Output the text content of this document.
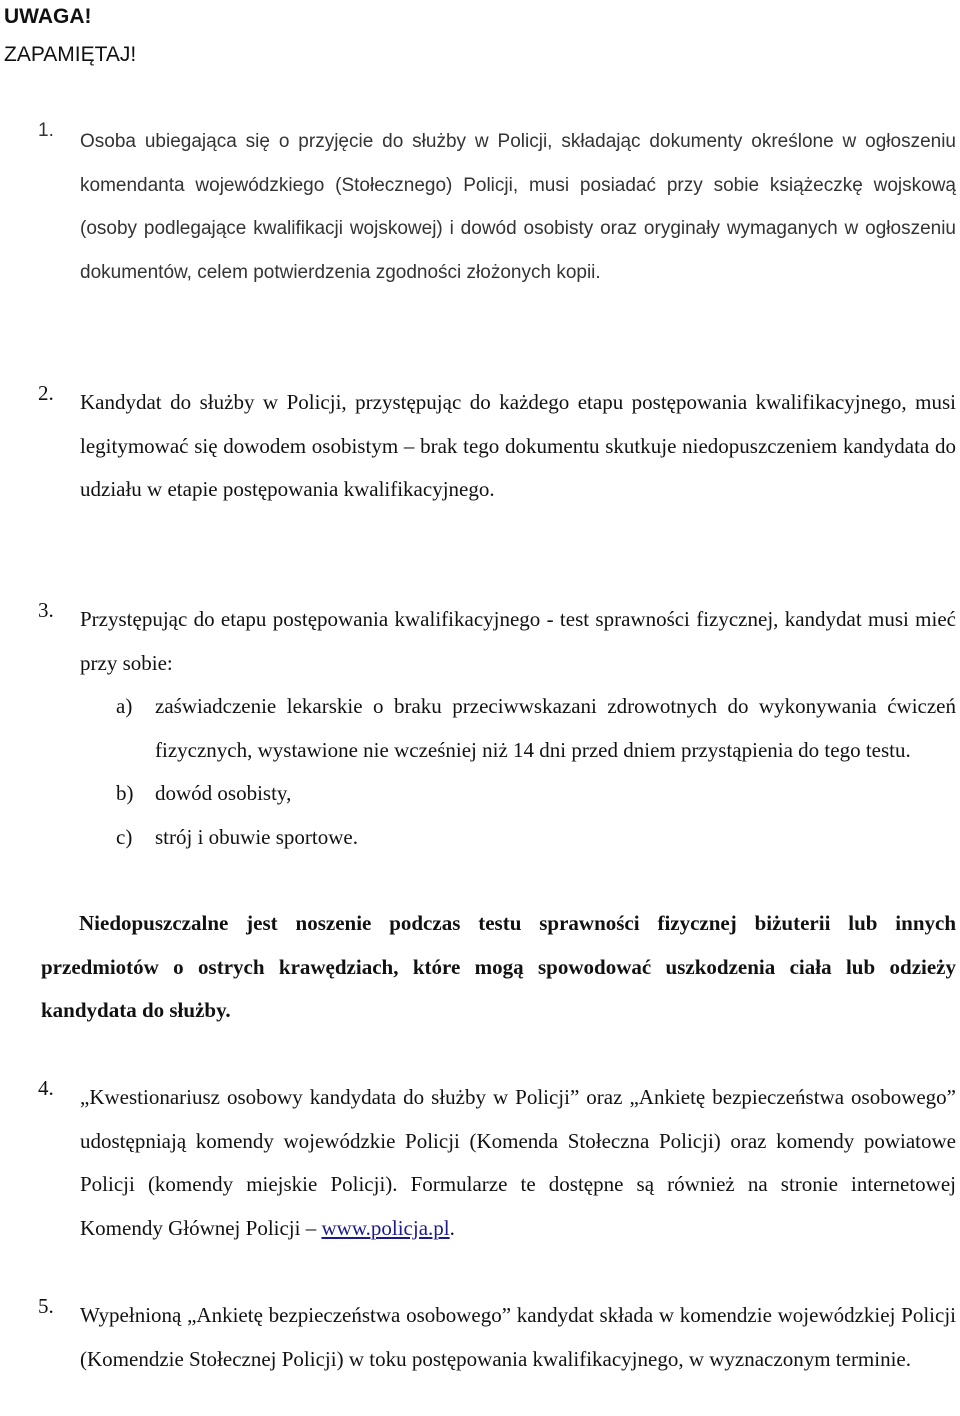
UWAGA!
ZAPAMIĘTAJ!
1.
Osoba ubiegająca się o przyjęcie do służby w Policji, składając dokumenty określone w ogłoszeniu komendanta wojewódzkiego (Stołecznego) Policji, musi posiadać przy sobie książeczkę wojskową (osoby podlegające kwalifikacji wojskowej) i dowód osobisty oraz oryginały wymaganych w ogłoszeniu dokumentów, celem potwierdzenia zgodności złożonych kopii.
2.	Kandydat do służby w Policji, przystępując do każdego etapu postępowania kwalifikacyjnego, musi legitymować się dowodem osobistym – brak tego dokumentu skutkuje niedopuszczeniem kandydata do udziału w etapie postępowania kwalifikacyjnego.
3.	Przystępując do etapu postępowania kwalifikacyjnego - test sprawności fizycznej, kandydat musi mieć przy sobie:
a) zaświadczenie lekarskie o braku przeciwwskazani zdrowotnych do wykonywania ćwiczeń fizycznych, wystawione nie wcześniej niż 14 dni przed dniem przystąpienia do tego testu.
b) dowód osobisty,
c) strój i obuwie sportowe.
Niedopuszczalne jest noszenie podczas testu sprawności fizycznej biżuterii lub innych przedmiotów o ostrych krawędziach, które mogą spowodować uszkodzenia ciała lub odzieży kandydata do służby.
4.	„Kwestionariusz osobowy kandydata do służby w Policji” oraz „Ankietę bezpieczeństwa osobowego” udostępniają komendy wojewódzkie Policji (Komenda Stołeczna Policji) oraz komendy powiatowe Policji (komendy miejskie Policji). Formularze te dostępne są również na stronie internetowej Komendy Głównej Policji – www.policja.pl.
5.	Wypełnioną „Ankietę bezpieczeństwa osobowego” kandydat składa w komendzie wojewódzkiej Policji (Komendzie Stołecznej Policji) w toku postępowania kwalifikacyjnego, w wyznaczonym terminie.
